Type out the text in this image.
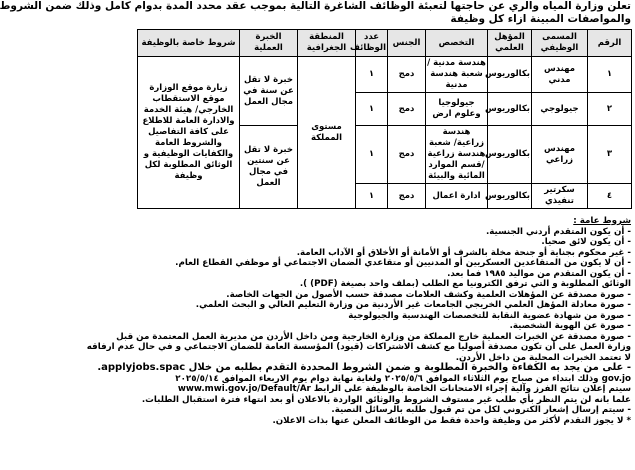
تعلن وزارة المياه والري عن حاجتها لتعبئة الوظائف الشاغرة التالية بموجب عقد محدد المدة بدوام كامل وذلك ضمن الشروط
والمواصفات المبينة ازاء كل وظيفة
الرقم	المسمى الوظيفي	المؤهل العلمي	التخصص	الجنس	عدد الوظائف	المنطقة الجغرافية	الخبرة العملية	شروط خاصة بالوظيفة
١	مهندس مدني	بكالوريوس	هندسة مدنية /شعبة هندسة مدنية	دمج	١	مستوى المملكة	خبرة لا تقل عن سنة في مجال العمل	زيارة موقع الوزارة موقع الاستقطاب الخارجي/ هيئة الخدمة والادارة العامة للاطلاع على كافة التفاصيل والشروط العامة والكفايات الوظيفية و الوثائق المطلوبة لكل وظيفة
٢	جيولوجي	بكالوريوس	جيولوجيا وعلوم ارض	دمج	١			
٣	مهندس زراعي	بكالوريوس	هندسة زراعية/ شعبة هندسة زراعية /قسم الموارد المائية والبيئة	دمج	١		خبرة لا تقل عن سنتين في مجال العمل	
٤	سكرتير تنفيذي	بكالوريوس	ادارة اعمال	دمج	١			

شروط عامة :

- أن يكون المتقدم أردني الجنسية.

- أن يكون لائق صحيا.

- غير محكوم بجناية أو جنحة مخلة بالشرف أو الأمانة أو الأخلاق أو الآداب العامة.

- أن لا يكون من المتقاعدين العسكريين أو المدنيين أو متقاعدي الضمان الاجتماعي أو موظفي القطاع العام.

- أن يكون المتقدم من مواليد ١٩٨٥ فما بعد.

الوثائق المطلوبة و التي ترفق الكترونيا مع الطلب (بملف واحد بصيغة (PDF) ).

- صورة مصدقة عن المؤهلات العلمية وكشف العلامات مصدقة حسب الأصول من الجهات الخاصة.

- صورة معادلة المؤهل العلمي الخريجي الجامعات غير الأردنية من وزارة التعليم العالي و البحث العلمي.

- صورة من شهادة عضوية النقابة للتخصصات الهندسية والجيولوجية

- صورة عن الهوية الشخصية.

- صورة مصدقة عن الخبرات العملية خارج المملكة من وزارة الخارجية ومن داخل الأردن من مديرية العمل المعتمدة من قبل

وزارة العمل على أن تكون مصدقة أصوليا مع كشف الاشتراكات (قيود) المؤسسة العامة للضمان الاجتماعي و في حال عدم ارفاقه

لا تعتمد الخبرات المحلية من داخل الأردن.

- على من يجد به الكفاءة والخبرة المطلوبة و ضمن الشروط المحددة التقدم بطلبه من خلال applyjobs.spac.

gov.jo وذلك ابتداء من صباح يوم الثلاثاء الموافق ٢٠٢٥/٥/٦ ولغاية نهاية دوام يوم الاربعاء الموافق ٢٠٢٥/٥/١٤

سيتم إعلان نتائج الفرز وآلية إجراء الامتحانات الخاصة بالوظيفة على الرابط www.mwi.gov.jo/Default/Ar

علما بانه لن يتم النظر بأي طلب غير مستوف الشروط والوثائق الواردة بالاعلان أو بعد انتهاء فترة استقبال الطلبات.

- سيتم إرسال إشعار الكتروني لكل من تم قبول طلبه بالرسائل النصية.

* لا يجوز التقدم لأكثر من وظيفة واحدة فقط من الوظائف المعلن عنها بذات الاعلان.
